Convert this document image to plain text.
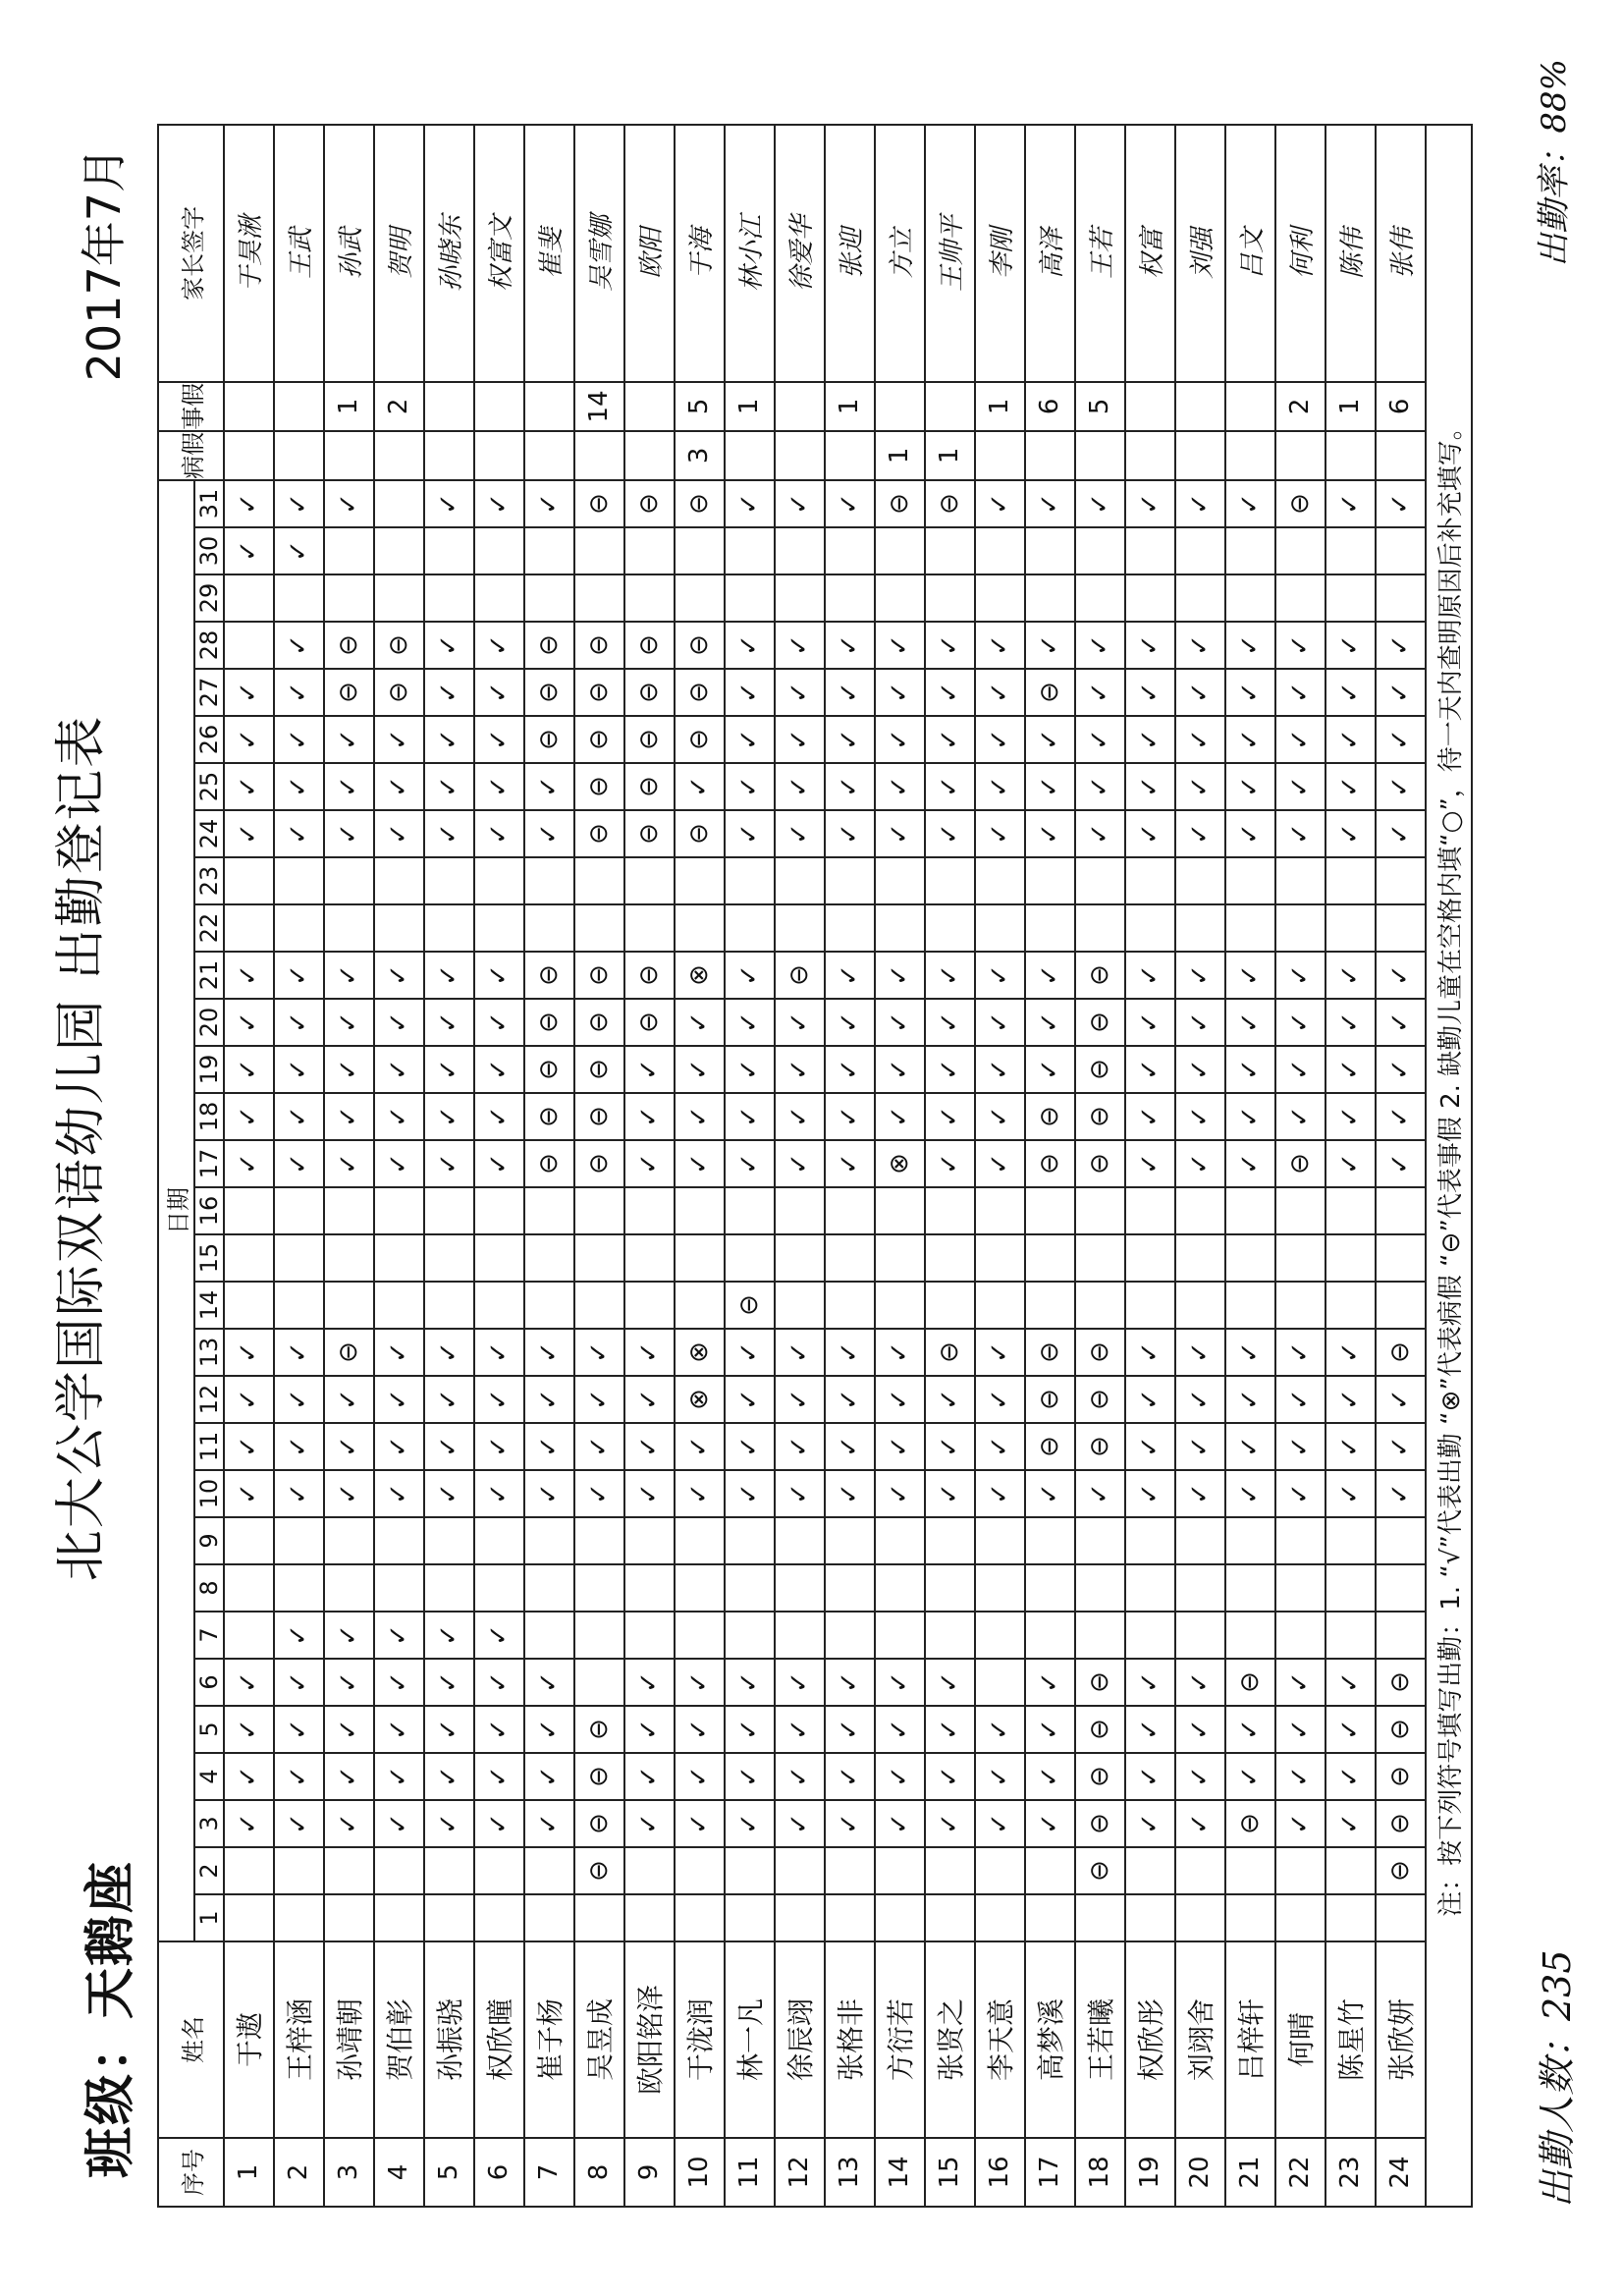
班级：天鹅座
北大公学国际双语幼儿园 出勤登记表
2017年7月
序号	姓名	日期																															病假	事假	家长签字
		1	2	3	4	5	6	7	8	9	10	11	12	13	14	15	16	17	18	19	20	21	22	23	24	25	26	27	28	29	30	31			
1	于遨			✓	✓	✓	✓				✓	✓	✓	✓				✓	✓	✓	✓	✓			✓	✓	✓	✓			✓	✓			于昊湫
2	王梓涵			✓	✓	✓	✓	✓			✓	✓	✓	✓				✓	✓	✓	✓	✓			✓	✓	✓	✓	✓		✓	✓			王武
3	孙靖朝			✓	✓	✓	✓	✓			✓	✓	✓	⊖				✓	✓	✓	✓	✓			✓	✓	✓	⊖	⊖			✓		1	孙武
4	贺伯彰			✓	✓	✓	✓	✓			✓	✓	✓	✓				✓	✓	✓	✓	✓			✓	✓	✓	⊖	⊖					2	贺明
5	孙振骁			✓	✓	✓	✓	✓			✓	✓	✓	✓				✓	✓	✓	✓	✓			✓	✓	✓	✓	✓			✓			孙晓东
6	权欣曈			✓	✓	✓	✓	✓			✓	✓	✓	✓				✓	✓	✓	✓	✓			✓	✓	✓	✓	✓			✓			权富文
7	崔子杨			✓	✓	✓	✓				✓	✓	✓	✓				⊖	⊖	⊖	⊖	⊖			✓	✓	⊖	⊖	⊖			✓			崔斐
8	吴昱成		⊖	⊖	⊖	⊖					✓	✓	✓	✓				⊖	⊖	⊖	⊖	⊖			⊖	⊖	⊖	⊖	⊖			⊖		14	吴雪娜
9	欧阳铭泽			✓	✓	✓	✓				✓	✓	✓	✓				✓	✓	✓	⊖	⊖			⊖	⊖	⊖	⊖	⊖			⊖			欧阳
10	于泷润			✓	✓	✓	✓				✓	✓	⊗	⊗				✓	✓	✓	✓	⊗			⊖	✓	⊖	⊖	⊖			⊖	3	5	于海
11	林一凡			✓	✓	✓	✓				✓	✓	✓	✓	⊖			✓	✓	✓	✓	✓			✓	✓	✓	✓	✓			✓		1	林小江
12	徐辰翊			✓	✓	✓	✓				✓	✓	✓	✓				✓	✓	✓	✓	⊖			✓	✓	✓	✓	✓			✓			徐爱华
13	张格非			✓	✓	✓	✓				✓	✓	✓	✓				✓	✓	✓	✓	✓			✓	✓	✓	✓	✓			✓		1	张迎
14	方衍若			✓	✓	✓	✓				✓	✓	✓	✓				⊗	✓	✓	✓	✓			✓	✓	✓	✓	✓			⊖	1		方立
15	张贤之			✓	✓	✓	✓				✓	✓	✓	⊖				✓	✓	✓	✓	✓			✓	✓	✓	✓	✓			⊖	1		王帅平
16	李天意			✓	✓	✓					✓	✓	✓	✓				✓	✓	✓	✓	✓			✓	✓	✓	✓	✓			✓		1	李刚
17	高梦溪			✓	✓	✓	✓				✓	⊖	⊖	⊖				⊖	⊖	✓	✓	✓			✓	✓	✓	⊖	✓			✓		6	高泽
18	王若曦		⊖	⊖	⊖	⊖	⊖				✓	⊖	⊖	⊖				⊖	⊖	⊖	⊖	⊖			✓	✓	✓	✓	✓			✓		5	王若
19	权欣彤			✓	✓	✓	✓				✓	✓	✓	✓				✓	✓	✓	✓	✓			✓	✓	✓	✓	✓			✓			权富
20	刘翊舍			✓	✓	✓	✓				✓	✓	✓	✓				✓	✓	✓	✓	✓			✓	✓	✓	✓	✓			✓			刘强
21	吕梓轩			⊖	✓	✓	⊖				✓	✓	✓	✓				✓	✓	✓	✓	✓			✓	✓	✓	✓	✓			✓			吕文
22	何晴			✓	✓	✓	✓				✓	✓	✓	✓				⊖	✓	✓	✓	✓			✓	✓	✓	✓	✓			⊖		2	何利
23	陈星竹			✓	✓	✓	✓				✓	✓	✓	✓				✓	✓	✓	✓	✓			✓	✓	✓	✓	✓			✓		1	陈伟
24	张欣妍		⊖	⊖	⊖	⊖	⊖				✓	✓	✓	⊖				✓	✓	✓	✓	✓			✓	✓	✓	✓	✓			✓		6	张伟
注：按下列符号填写出勤：1. “√”代表出勤 “⊗”代表病假 “⊖”代表事假 2. 缺勤儿童在空格内填“○”，待一天内查明原因后补充填写。																																			
出勤人数：235
出勤率：88%
